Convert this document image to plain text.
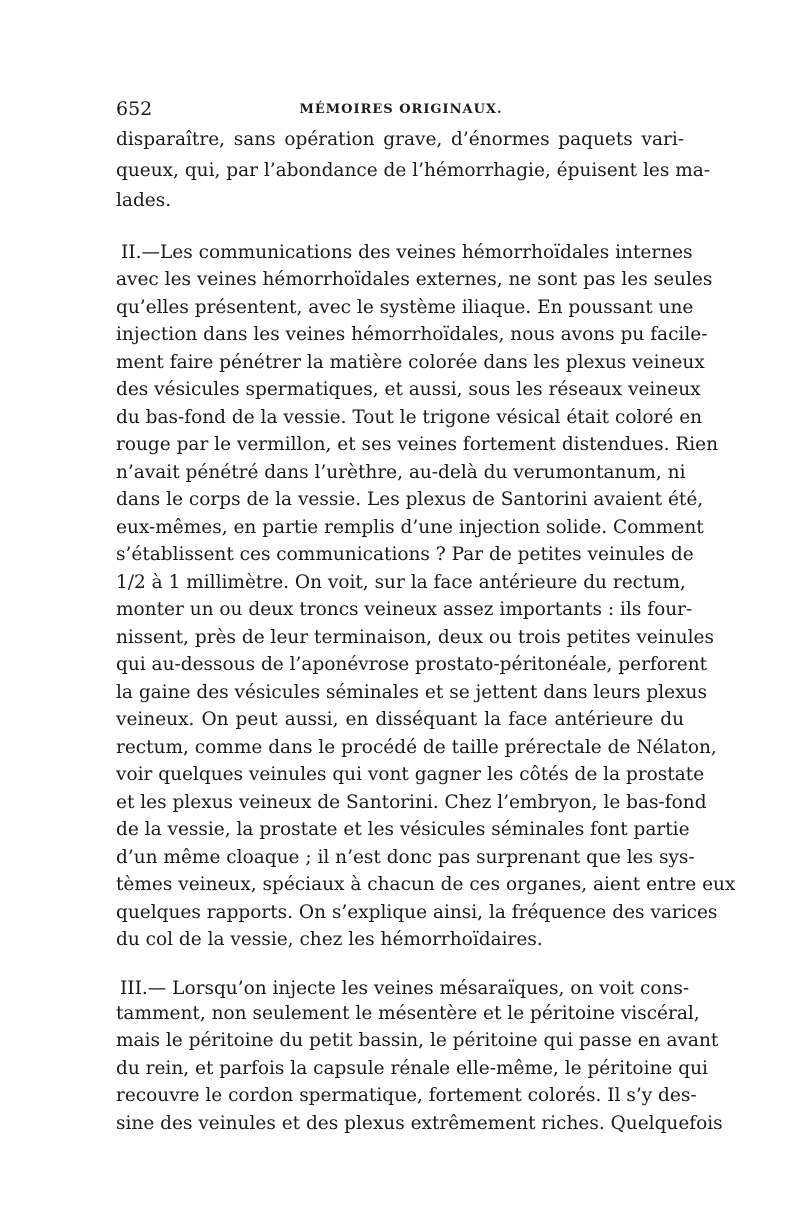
652	MÉMOIRES ORIGINAUX.
disparaître, sans opération grave, d’énormes paquets vari-
queux, qui, par l’abondance de l’hémorrhagie, épuisent les ma-
lades.
II.—Les communications des veines hémorrhoïdales internes
avec les veines hémorrhoïdales externes, ne sont pas les seules
qu’elles présentent, avec le système iliaque. En poussant une
injection dans les veines hémorrhoïdales, nous avons pu facile-
ment faire pénétrer la matière colorée dans les plexus veineux
des vésicules spermatiques, et aussi, sous les réseaux veineux
du bas-fond de la vessie. Tout le trigone vésical était coloré en
rouge par le vermillon, et ses veines fortement distendues. Rien
n’avait pénétré dans l’urèthre, au-delà du verumontanum, ni
dans le corps de la vessie. Les plexus de Santorini avaient été,
eux-mêmes, en partie remplis d’une injection solide. Comment
s’établissent ces communications ? Par de petites veinules de
1/2 à 1 millimètre. On voit, sur la face antérieure du rectum,
monter un ou deux troncs veineux assez importants : ils four-
nissent, près de leur terminaison, deux ou trois petites veinules
qui au-dessous de l’aponévrose prostato-péritonéale, perforent
la gaine des vésicules séminales et se jettent dans leurs plexus
veineux. On peut aussi, en disséquant la face antérieure du
rectum, comme dans le procédé de taille prérectale de Nélaton,
voir quelques veinules qui vont gagner les côtés de la prostate
et les plexus veineux de Santorini. Chez l’embryon, le bas-fond
de la vessie, la prostate et les vésicules séminales font partie
d’un même cloaque ; il n’est donc pas surprenant que les sys-
tèmes veineux, spéciaux à chacun de ces organes, aient entre eux
quelques rapports. On s’explique ainsi, la fréquence des varices
du col de la vessie, chez les hémorrhoïdaires.
III.— Lorsqu’on injecte les veines mésaraïques, on voit cons-
tamment, non seulement le mésentère et le péritoine viscéral,
mais le péritoine du petit bassin, le péritoine qui passe en avant
du rein, et parfois la capsule rénale elle-même, le péritoine qui
recouvre le cordon spermatique, fortement colorés. Il s’y des-
sine des veinules et des plexus extrêmement riches. Quelquefois
